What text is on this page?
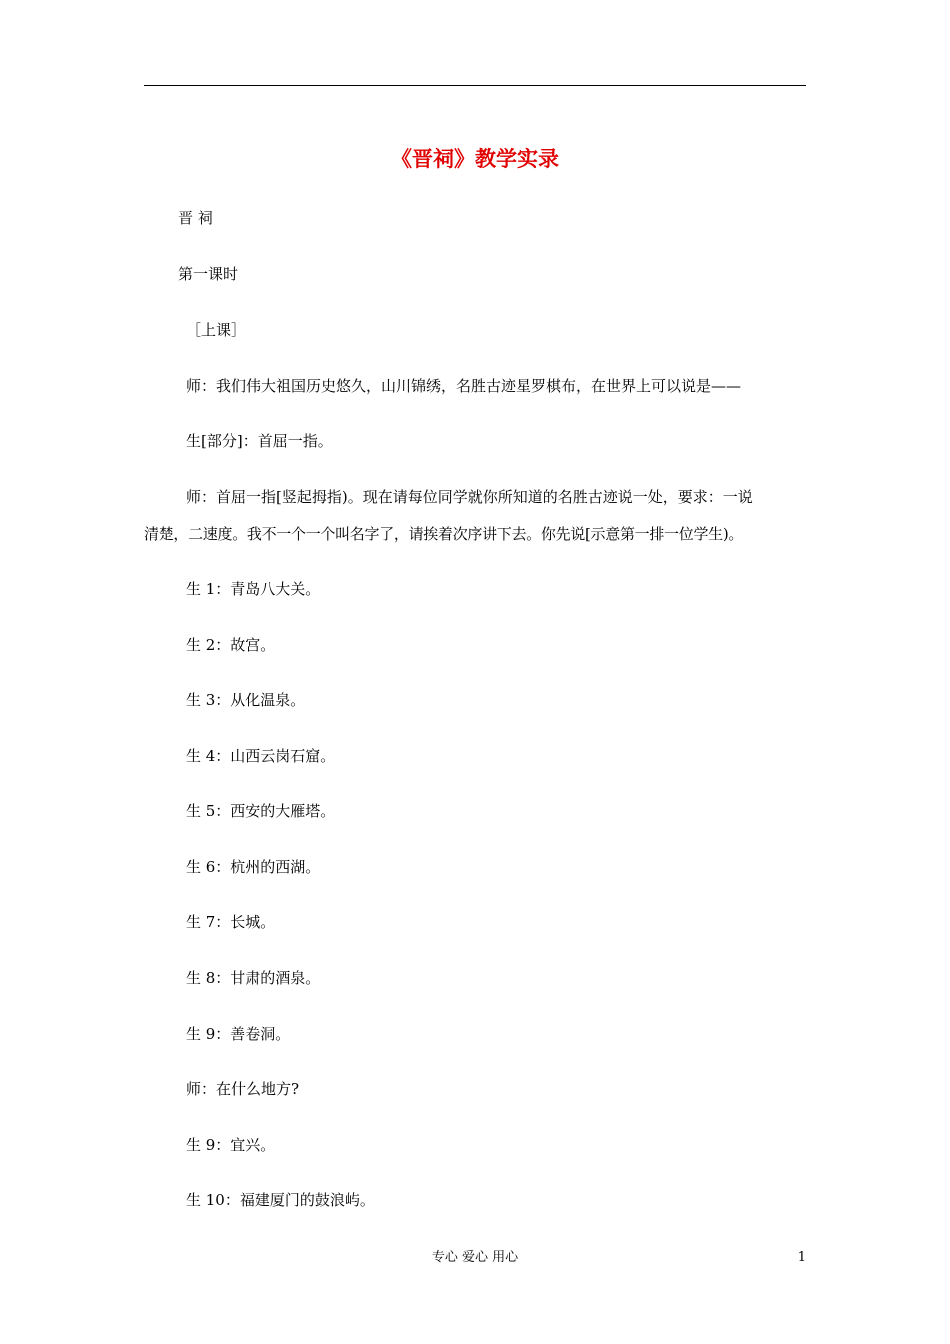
《晋祠》教学实录
晋 祠
第一课时
［上课］
师：我们伟大祖国历史悠久，山川锦绣，名胜古迹星罗棋布，在世界上可以说是——
生[部分]：首屈一指。
师：首屈一指[竖起拇指)。现在请每位同学就你所知道的名胜古迹说一处，要求：一说
清楚，二速度。我不一个一个叫名字了，请挨着次序讲下去。你先说[示意第一排一位学生)。
生 1：青岛八大关。
生 2：故宫。
生 3：从化温泉。
生 4：山西云岗石窟。
生 5：西安的大雁塔。
生 6：杭州的西湖。
生 7：长城。
生 8：甘肃的酒泉。
生 9：善卷洞。
师：在什么地方?
生 9：宜兴。
生 10：福建厦门的鼓浪屿。
专心 爱心 用心	1
